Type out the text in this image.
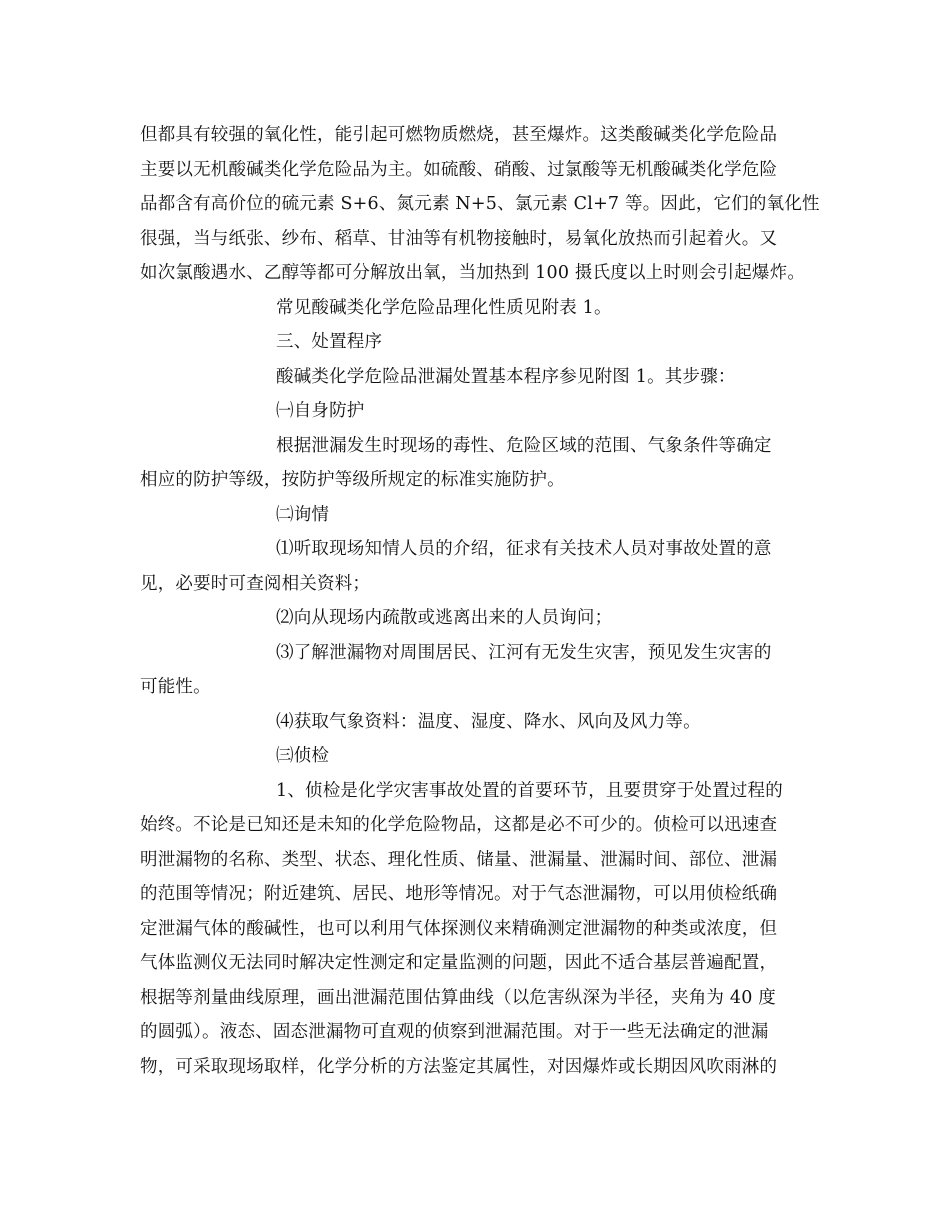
但都具有较强的氧化性，能引起可燃物质燃烧，甚至爆炸。这类酸碱类化学危险品
主要以无机酸碱类化学危险品为主。如硫酸、硝酸、过氯酸等无机酸碱类化学危险
品都含有高价位的硫元素 S+6、氮元素 N+5、氯元素 Cl+7 等。因此，它们的氧化性
很强，当与纸张、纱布、稻草、甘油等有机物接触时，易氧化放热而引起着火。又
如次氯酸遇水、乙醇等都可分解放出氧，当加热到 100 摄氏度以上时则会引起爆炸。
常见酸碱类化学危险品理化性质见附表 1。
三、处置程序
酸碱类化学危险品泄漏处置基本程序参见附图 1。其步骤：
㈠自身防护
根据泄漏发生时现场的毒性、危险区域的范围、气象条件等确定
相应的防护等级，按防护等级所规定的标准实施防护。
㈡询情
⑴听取现场知情人员的介绍，征求有关技术人员对事故处置的意
见，必要时可查阅相关资料；
⑵向从现场内疏散或逃离出来的人员询问；
⑶了解泄漏物对周围居民、江河有无发生灾害，预见发生灾害的
可能性。
⑷获取气象资料：温度、湿度、降水、风向及风力等。
㈢侦检
1、侦检是化学灾害事故处置的首要环节，且要贯穿于处置过程的
始终。不论是已知还是未知的化学危险物品，这都是必不可少的。侦检可以迅速查
明泄漏物的名称、类型、状态、理化性质、储量、泄漏量、泄漏时间、部位、泄漏
的范围等情况；附近建筑、居民、地形等情况。对于气态泄漏物，可以用侦检纸确
定泄漏气体的酸碱性，也可以利用气体探测仪来精确测定泄漏物的种类或浓度，但
气体监测仪无法同时解决定性测定和定量监测的问题，因此不适合基层普遍配置，
根据等剂量曲线原理，画出泄漏范围估算曲线（以危害纵深为半径，夹角为 40 度
的圆弧）。液态、固态泄漏物可直观的侦察到泄漏范围。对于一些无法确定的泄漏
物，可采取现场取样，化学分析的方法鉴定其属性，对因爆炸或长期因风吹雨淋的
